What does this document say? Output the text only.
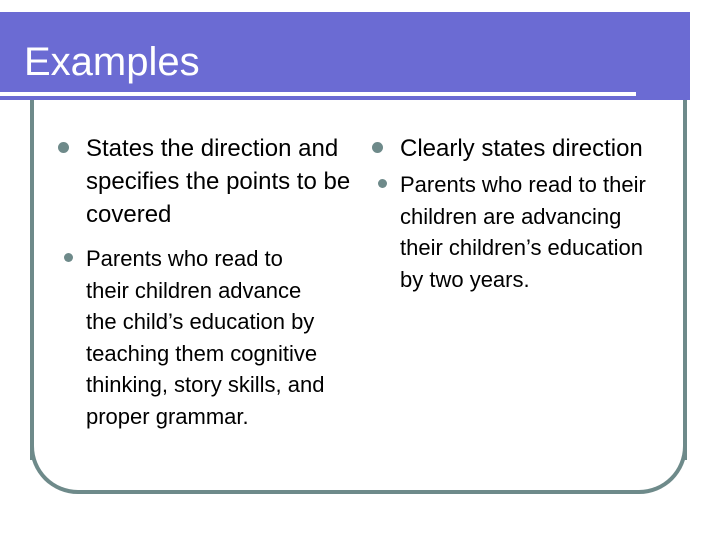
Examples
States the direction and specifies the points to be covered
Parents who read to their children advance the child’s education by teaching them cognitive thinking, story skills, and proper grammar.
Clearly states direction
Parents who read to their children are advancing their children’s education by two years.
